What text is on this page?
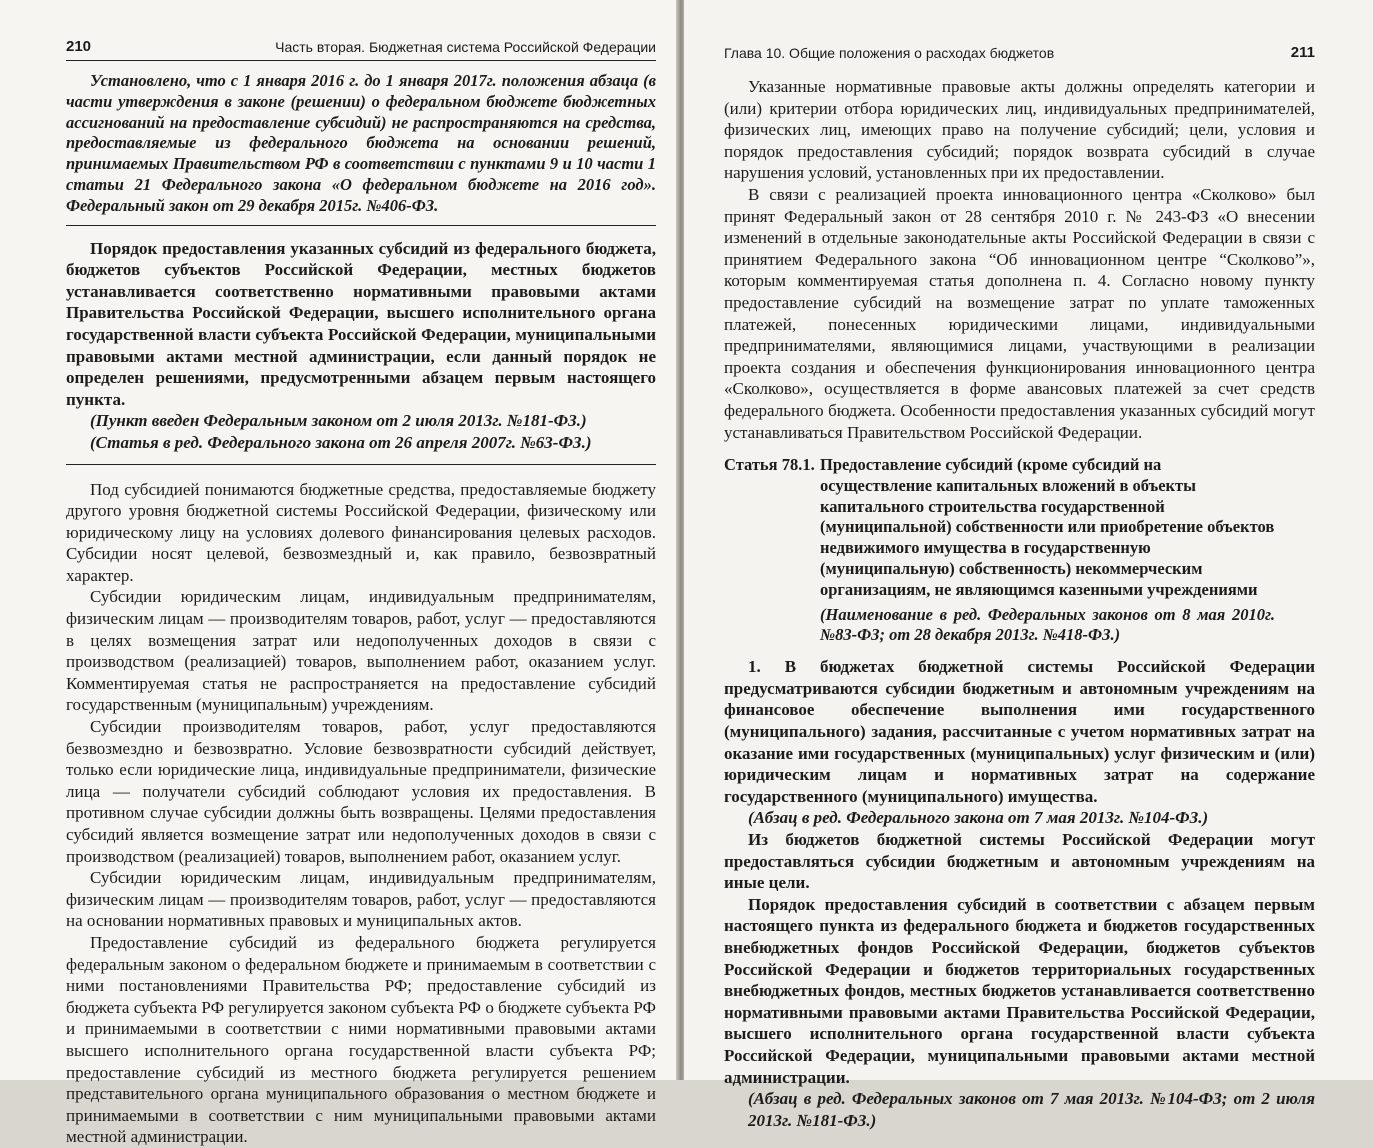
210	Часть вторая. Бюджетная система Российской Федерации

Установлено, что с 1 января 2016 г. до 1 января 2017г. положения абзаца (в части утверждения в законе (решении) о федеральном бюджете бюджетных ассигнований на предоставление субсидий) не распространяются на средства, предоставляемые из федерального бюджета на основании решений, принимаемых Правительством РФ в соответствии с пунктами 9 и 10 части 1 статьи 21 Федерального закона «О федеральном бюджете на 2016 год». Федеральный закон от 29 декабря 2015г. №406-ФЗ.

Порядок предоставления указанных субсидий из федерального бюджета, бюджетов субъектов Российской Федерации, местных бюджетов устанавливается соответственно нормативными правовыми актами Правительства Российской Федерации, высшего исполнительного органа государственной власти субъекта Российской Федерации, муниципальными правовыми актами местной администрации, если данный порядок не определен решениями, предусмотренными абзацем первым настоящего пункта.

(Пункт введен Федеральным законом от 2 июля 2013г. №181-ФЗ.)

(Статья в ред. Федерального закона от 26 апреля 2007г. №63-ФЗ.)

Под субсидией понимаются бюджетные средства, предоставляемые бюджету другого уровня бюджетной системы Российской Федерации, физическому или юридическому лицу на условиях долевого финансирования целевых расходов. Субсидии носят целевой, безвозмездный и, как правило, безвозвратный характер.

Субсидии юридическим лицам, индивидуальным предпринимателям, физическим лицам — производителям товаров, работ, услуг — предоставляются в целях возмещения затрат или недополученных доходов в связи с производством (реализацией) товаров, выполнением работ, оказанием услуг. Комментируемая статья не распространяется на предоставление субсидий государственным (муниципальным) учреждениям.

Субсидии производителям товаров, работ, услуг предоставляются безвозмездно и безвозвратно. Условие безвозвратности субсидий действует, только если юридические лица, индивидуальные предприниматели, физические лица — получатели субсидий соблюдают условия их предоставления. В противном случае субсидии должны быть возвращены. Целями предоставления субсидий является возмещение затрат или недополученных доходов в связи с производством (реализацией) товаров, выполнением работ, оказанием услуг.

Субсидии юридическим лицам, индивидуальным предпринимателям, физическим лицам — производителям товаров, работ, услуг — предоставляются на основании нормативных правовых и муниципальных актов.

Предоставление субсидий из федерального бюджета регулируется федеральным законом о федеральном бюджете и принимаемым в соответствии с ними постановлениями Правительства РФ; предоставление субсидий из бюджета субъекта РФ регулируется законом субъекта РФ о бюджете субъекта РФ и принимаемыми в соответствии с ними нормативными правовыми актами высшего исполнительного органа государственной власти субъекта РФ; предоставление субсидий из местного бюджета регулируется решением представительного органа муниципального образования о местном бюджете и принимаемыми в соответствии с ним муниципальными правовыми актами местной администрации.

Глава 10. Общие положения о расходах бюджетов	211

Указанные нормативные правовые акты должны определять категории и (или) критерии отбора юридических лиц, индивидуальных предпринимателей, физических лиц, имеющих право на получение субсидий; цели, условия и порядок предоставления субсидий; порядок возврата субсидий в случае нарушения условий, установленных при их предоставлении.

В связи с реализацией проекта инновационного центра «Сколково» был принят Федеральный закон от 28 сентября 2010 г. № 243-ФЗ «О внесении изменений в отдельные законодательные акты Российской Федерации в связи с принятием Федерального закона “Об инновационном центре “Сколково”», которым комментируемая статья дополнена п. 4. Согласно новому пункту предоставление субсидий на возмещение затрат по уплате таможенных платежей, понесенных юридическими лицами, индивидуальными предпринимателями, являющимися лицами, участвующими в реализации проекта создания и обеспечения функционирования инновационного центра «Сколково», осуществляется в форме авансовых платежей за счет средств федерального бюджета. Особенности предоставления указанных субсидий могут устанавливаться Правительством Российской Федерации.

Статья 78.1. Предоставление субсидий (кроме субсидий на осуществление капитальных вложений в объекты капитального строительства государственной (муниципальной) собственности или приобретение объектов недвижимого имущества в государственную (муниципальную) собственность) некоммерческим организациям, не являющимся казенными учреждениями

(Наименование в ред. Федеральных законов от 8 мая 2010г. №83-ФЗ; от 28 декабря 2013г. №418-ФЗ.)

1. В бюджетах бюджетной системы Российской Федерации предусматриваются субсидии бюджетным и автономным учреждениям на финансовое обеспечение выполнения ими государственного (муниципального) задания, рассчитанные с учетом нормативных затрат на оказание ими государственных (муниципальных) услуг физическим и (или) юридическим лицам и нормативных затрат на содержание государственного (муниципального) имущества.

(Абзац в ред. Федерального закона от 7 мая 2013г. №104-ФЗ.)

Из бюджетов бюджетной системы Российской Федерации могут предоставляться субсидии бюджетным и автономным учреждениям на иные цели.

Порядок предоставления субсидий в соответствии с абзацем первым настоящего пункта из федерального бюджета и бюджетов государственных внебюджетных фондов Российской Федерации, бюджетов субъектов Российской Федерации и бюджетов территориальных государственных внебюджетных фондов, местных бюджетов устанавливается соответственно нормативными правовыми актами Правительства Российской Федерации, высшего исполнительного органа государственной власти субъекта Российской Федерации, муниципальными правовыми актами местной администрации.

(Абзац в ред. Федеральных законов от 7 мая 2013г. №104-ФЗ; от 2 июля 2013г. №181-ФЗ.)
